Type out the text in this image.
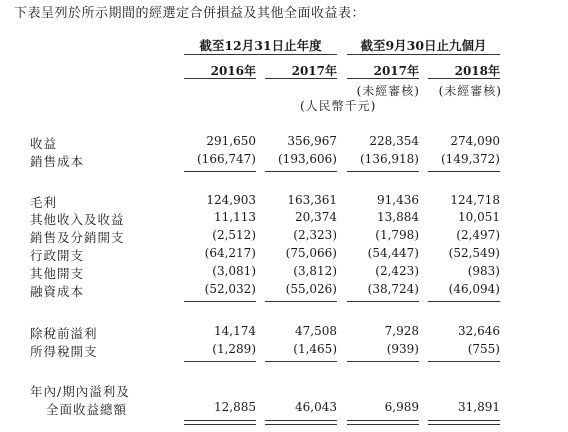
下表呈列於所示期間的經選定合併損益及其他全面收益表：
截至12月31日止年度	截至9月30日止九個月
2016年	2017年	2017年	2018年
(未經審核)	(未經審核)
(人民幣千元)
收益	291,650	356,967	228,354	274,090
銷售成本	(166,747)	(193,606)	(136,918)	(149,372)
毛利	124,903	163,361	91,436	124,718
其他收入及收益	11,113	20,374	13,884	10,051
銷售及分銷開支	(2,512)	(2,323)	(1,798)	(2,497)
行政開支	(64,217)	(75,066)	(54,447)	(52,549)
其他開支	(3,081)	(3,812)	(2,423)	(983)
融資成本	(52,032)	(55,026)	(38,724)	(46,094)
除稅前溢利	14,174	47,508	7,928	32,646
所得稅開支	(1,289)	(1,465)	(939)	(755)
年內/期內溢利及
全面收益總額	12,885	46,043	6,989	31,891
